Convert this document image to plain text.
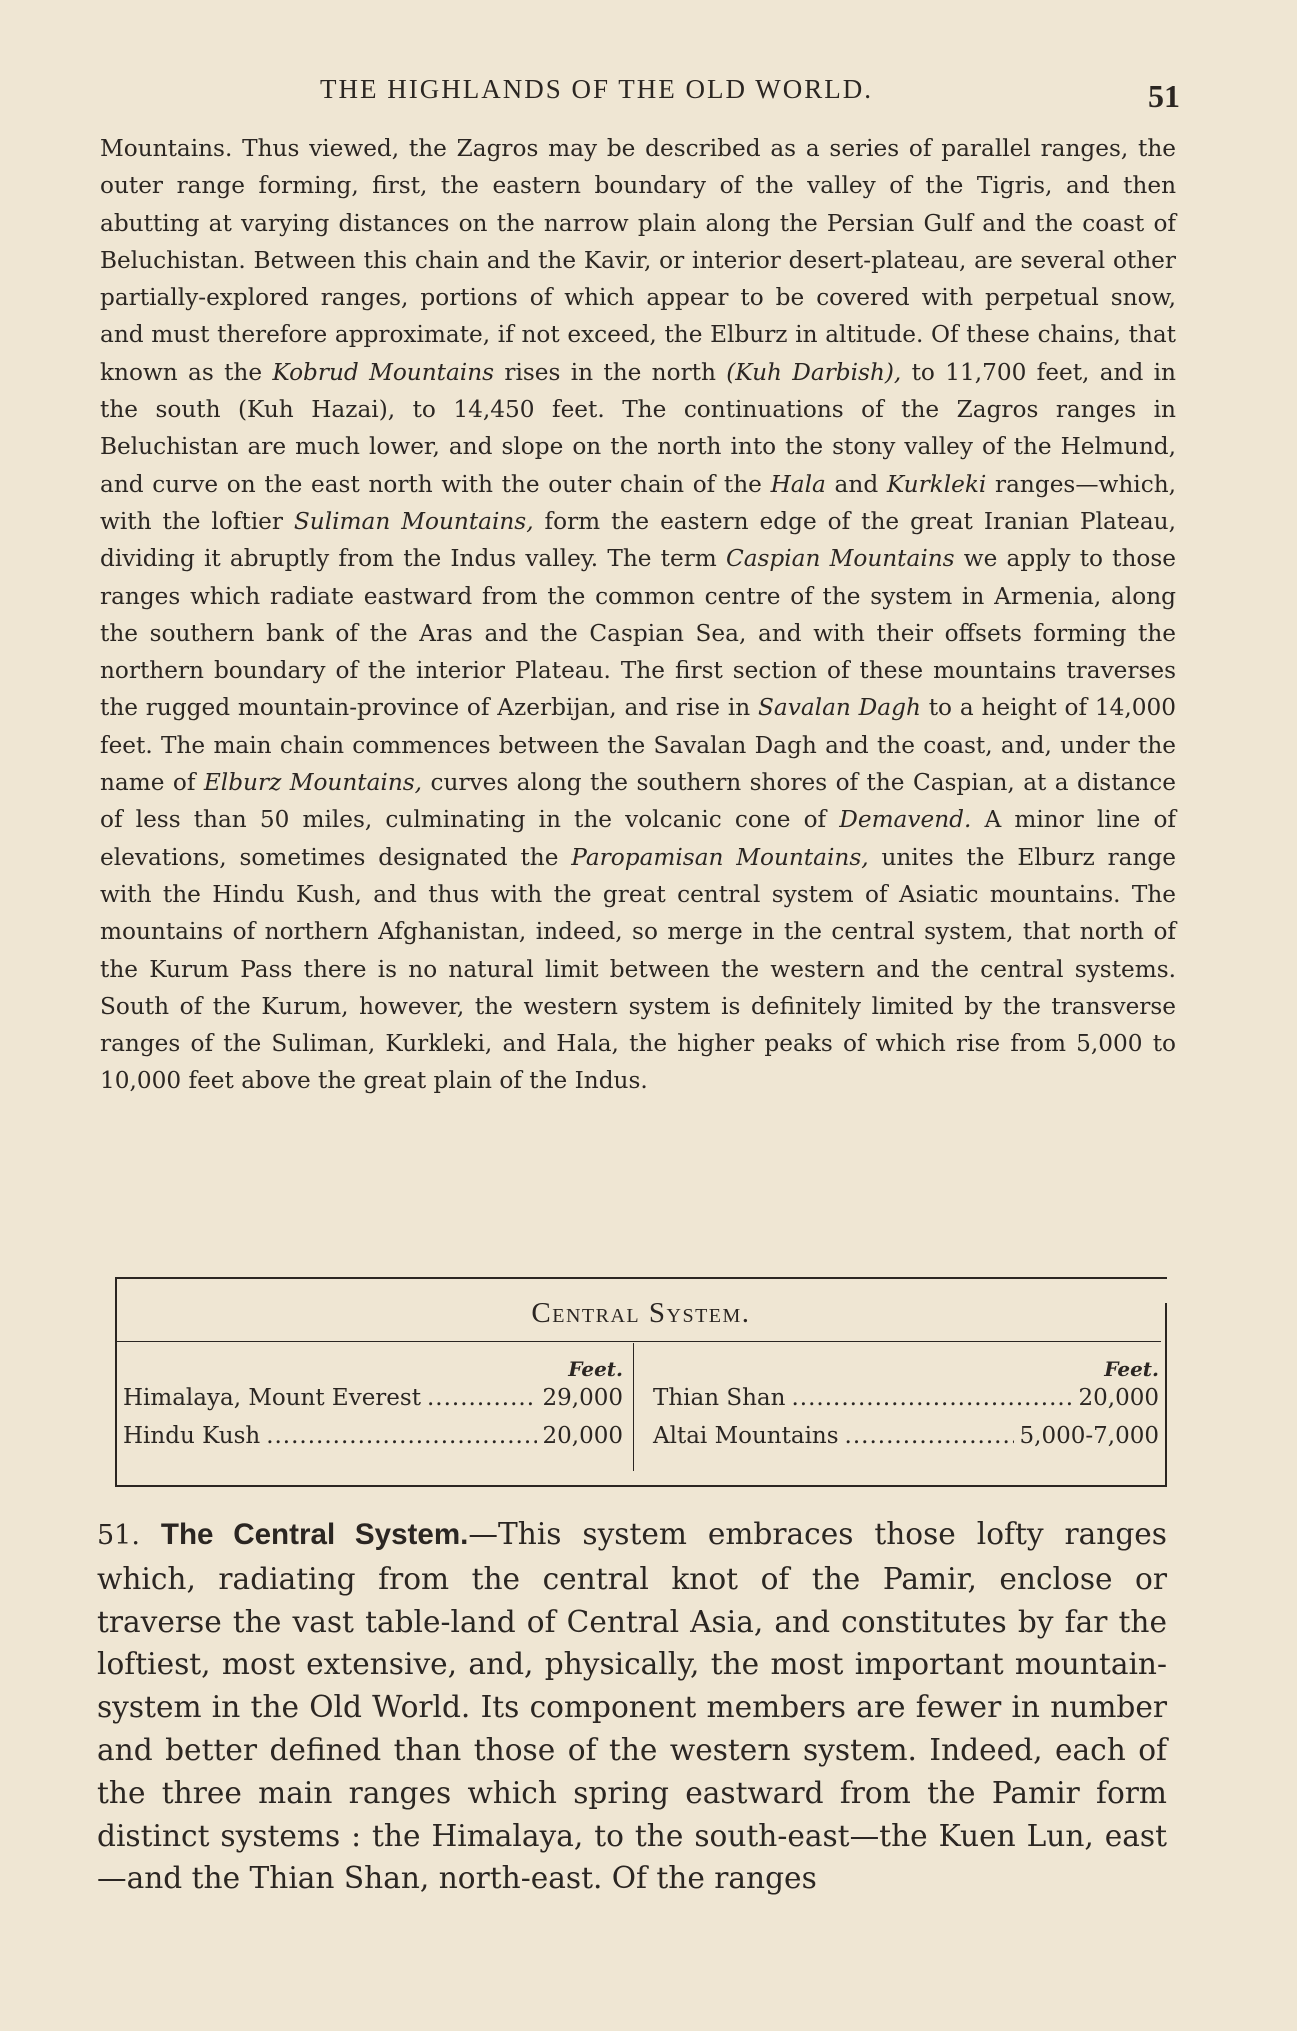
THE HIGHLANDS OF THE OLD WORLD.	51

Mountains. Thus viewed, the Zagros may be described as a series of parallel ranges, the outer range forming, first, the eastern boundary of the valley of the Tigris, and then abutting at varying distances on the narrow plain along the Persian Gulf and the coast of Beluchistan. Between this chain and the Kavir, or interior desert-plateau, are several other partially-explored ranges, portions of which appear to be covered with perpetual snow, and must therefore approximate, if not exceed, the Elburz in altitude. Of these chains, that known as the Kobrud Mountains rises in the north (Kuh Darbish), to 11,700 feet, and in the south (Kuh Hazai), to 14,450 feet. The continuations of the Zagros ranges in Beluchistan are much lower, and slope on the north into the stony valley of the Helmund, and curve on the east north with the outer chain of the Hala and Kurkleki ranges—which, with the loftier Suliman Mountains, form the eastern edge of the great Iranian Plateau, dividing it abruptly from the Indus valley. The term Caspian Mountains we apply to those ranges which radiate eastward from the common centre of the system in Armenia, along the southern bank of the Aras and the Caspian Sea, and with their offsets forming the northern boundary of the interior Plateau. The first section of these mountains traverses the rugged mountain-province of Azerbijan, and rise in Savalan Dagh to a height of 14,000 feet. The main chain commences between the Savalan Dagh and the coast, and, under the name of Elburz Mountains, curves along the southern shores of the Caspian, at a distance of less than 50 miles, culminating in the volcanic cone of Demavend. A minor line of elevations, sometimes designated the Paropamisan Mountains, unites the Elburz range with the Hindu Kush, and thus with the great central system of Asiatic mountains. The mountains of northern Afghanistan, indeed, so merge in the central system, that north of the Kurum Pass there is no natural limit between the western and the central systems. South of the Kurum, however, the western system is definitely limited by the transverse ranges of the Suliman, Kurkleki, and Hala, the higher peaks of which rise from 5,000 to 10,000 feet above the great plain of the Indus.

Central System.
Feet.
Himalaya, Mount Everest .....	29,000
Hindu Kush .....	20,000
Feet.
Thian Shan .....	20,000
Altai Mountains .....	5,000-7,000

51. The Central System.—This system embraces those lofty ranges which, radiating from the central knot of the Pamir, enclose or traverse the vast table-land of Central Asia, and constitutes by far the loftiest, most extensive, and, physically, the most important mountain-system in the Old World. Its component members are fewer in number and better defined than those of the western system. Indeed, each of the three main ranges which spring eastward from the Pamir form distinct systems : the Himalaya, to the south-east—the Kuen Lun, east—and the Thian Shan, north-east. Of the ranges
